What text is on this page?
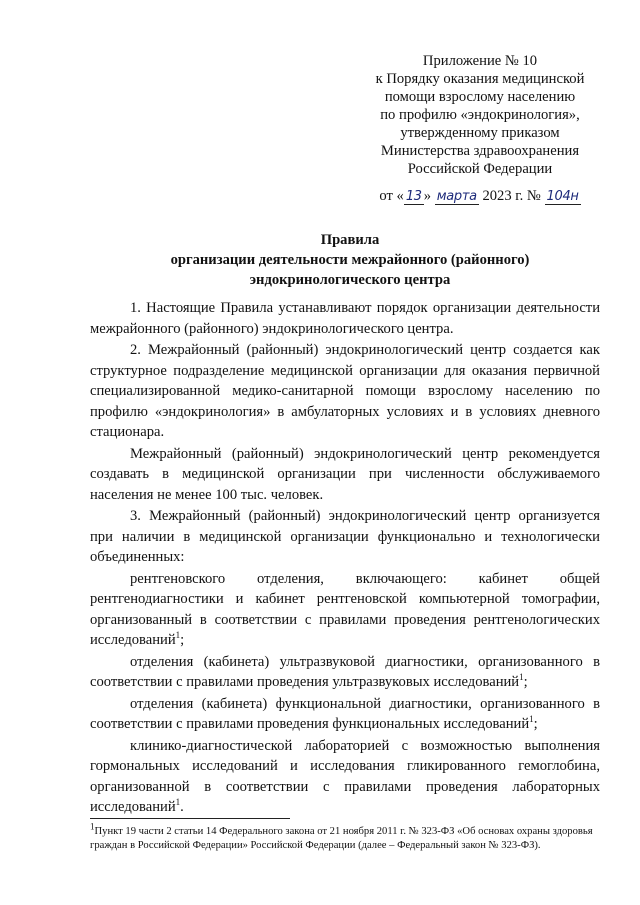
Приложение № 10
к Порядку оказания медицинской
помощи взрослому населению
по профилю «эндокринология»,
утвержденному приказом
Министерства здравоохранения
Российской Федерации
от « 13 » марта 2023 г. № 104н
Правила
организации деятельности межрайонного (районного)
эндокринологического центра

1. Настоящие Правила устанавливают порядок организации деятельности межрайонного (районного) эндокринологического центра.

2. Межрайонный (районный) эндокринологический центр создается как структурное подразделение медицинской организации для оказания первичной специализированной медико-санитарной помощи взрослому населению по профилю «эндокринология» в амбулаторных условиях и в условиях дневного стационара.

Межрайонный (районный) эндокринологический центр рекомендуется создавать в медицинской организации при численности обслуживаемого населения не менее 100 тыс. человек.

3. Межрайонный (районный) эндокринологический центр организуется при наличии в медицинской организации функционально и технологически объединенных:

рентгеновского отделения, включающего: кабинет общей рентгенодиагностики и кабинет рентгеновской компьютерной томографии, организованный в соответствии с правилами проведения рентгенологических исследований$^1$;

отделения (кабинета) ультразвуковой диагностики, организованного в соответствии с правилами проведения ультразвуковых исследований$^1$;

отделения (кабинета) функциональной диагностики, организованного в соответствии с правилами проведения функциональных исследований$^1$;

клинико-диагностической лабораторией с возможностью выполнения гормональных исследований и исследования гликированного гемоглобина, организованной в соответствии с правилами проведения лабораторных исследований$^1$.

$^1$Пункт 19 части 2 статьи 14 Федерального закона от 21 ноября 2011 г. № 323-ФЗ «Об основах охраны здоровья граждан в Российской Федерации» Российской Федерации (далее – Федеральный закон № 323-ФЗ).
